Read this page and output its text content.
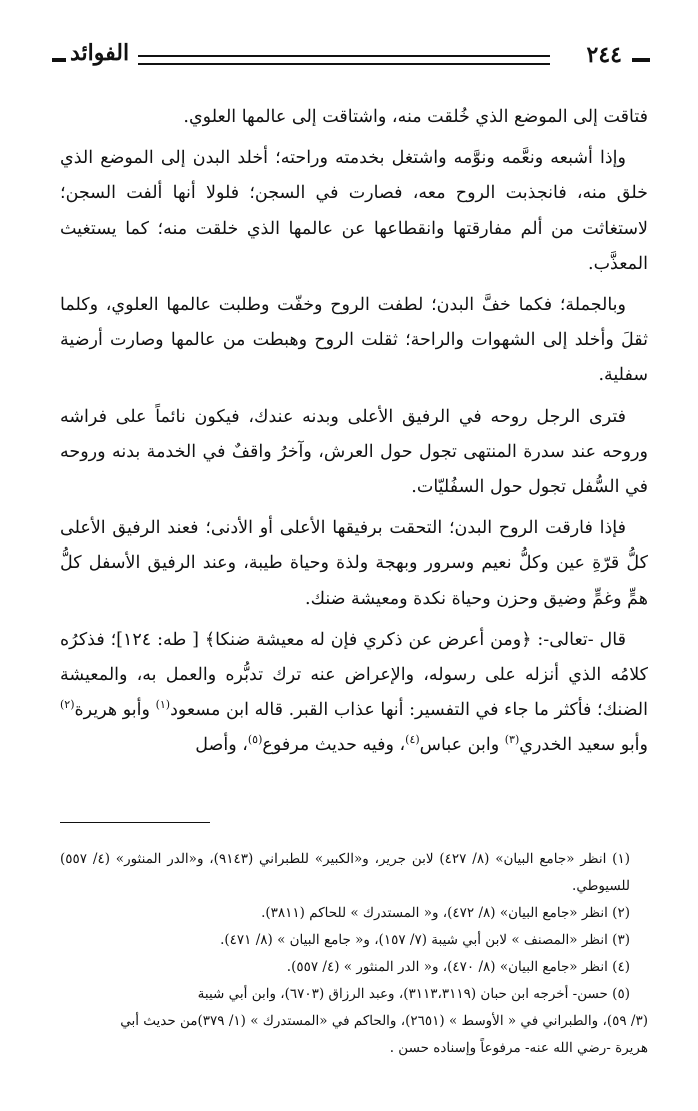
٢٤٤
الفوائد

فتاقت إلى الموضع الذي خُلقت منه، واشتاقت إلى عالمها العلوي.

وإذا أشبعه ونعَّمه ونوَّمه واشتغل بخدمته وراحته؛ أخلد البدن إلى الموضع الذي خلق منه، فانجذبت الروح معه، فصارت في السجن؛ فلولا أنها ألفت السجن؛ لاستغاثت من ألم مفارقتها وانقطاعها عن عالمها الذي خلقت منه؛ كما يستغيث المعذَّب.

وبالجملة؛ فكما خفَّ البدن؛ لطفت الروح وخفّت وطلبت عالمها العلوي، وكلما ثقلَ وأخلد إلى الشهوات والراحة؛ ثقلت الروح وهبطت من عالمها وصارت أرضية سفلية.

فترى الرجل روحه في الرفيق الأعلى وبدنه عندك، فيكون نائماً على فراشه وروحه عند سدرة المنتهى تجول حول العرش، وآخرُ واقفٌ في الخدمة بدنه وروحه في السُّفل تجول حول السفُليّات.

فإذا فارقت الروح البدن؛ التحقت برفيقها الأعلى أو الأدنى؛ فعند الرفيق الأعلى كلُّ قرّةِ عين وكلُّ نعيم وسرور وبهجة ولذة وحياة طيبة، وعند الرفيق الأسفل كلُّ همٍّ وغمٍّ وضيق وحزن وحياة نكدة ومعيشة ضنك.

قال -تعالى-: ﴿ومن أعرض عن ذكري فإن له معيشة ضنكا﴾ [ طه: ١٢٤]؛ فذكرُه كلامُه الذي أنزله على رسوله، والإعراض عنه ترك تدبُّره والعمل به، والمعيشة الضنك؛ فأكثر ما جاء في التفسير: أنها عذاب القبر. قاله ابن مسعود$^{(١)}$ وأبو هريرة$^{(٢)}$ وأبو سعيد الخدري$^{(٣)}$ وابن عباس$^{(٤)}$، وفيه حديث مرفوع$^{(٥)}$، وأصل

(١) انظر «جامع البيان» (٨/ ٤٢٧) لابن جرير، و«الكبير» للطبراني (٩١٤٣)، و«الدر المنثور» (٤/ ٥٥٧) للسيوطي.

(٢) انظر «جامع البيان» (٨/ ٤٧٢)، و« المستدرك » للحاكم (٣٨١١).

(٣) انظر «المصنف » لابن أبي شيبة (٧/ ١٥٧)، و« جامع البيان » (٨/ ٤٧١).

(٤) انظر «جامع البيان» (٨/ ٤٧٠)، و« الدر المنثور » (٤/ ٥٥٧).

(٥) حسن- أخرجه ابن حبان (٣١١٣،٣١١٩)، وعبد الرزاق (٦٧٠٣)، وابن أبي شيبة

(٣/ ٥٩)، والطبراني في « الأوسط » (٢٦٥١)، والحاكم في «المستدرك » (١/ ٣٧٩)من حديث أبي

هريرة -رضي الله عنه- مرفوعاً وإسناده حسن .
